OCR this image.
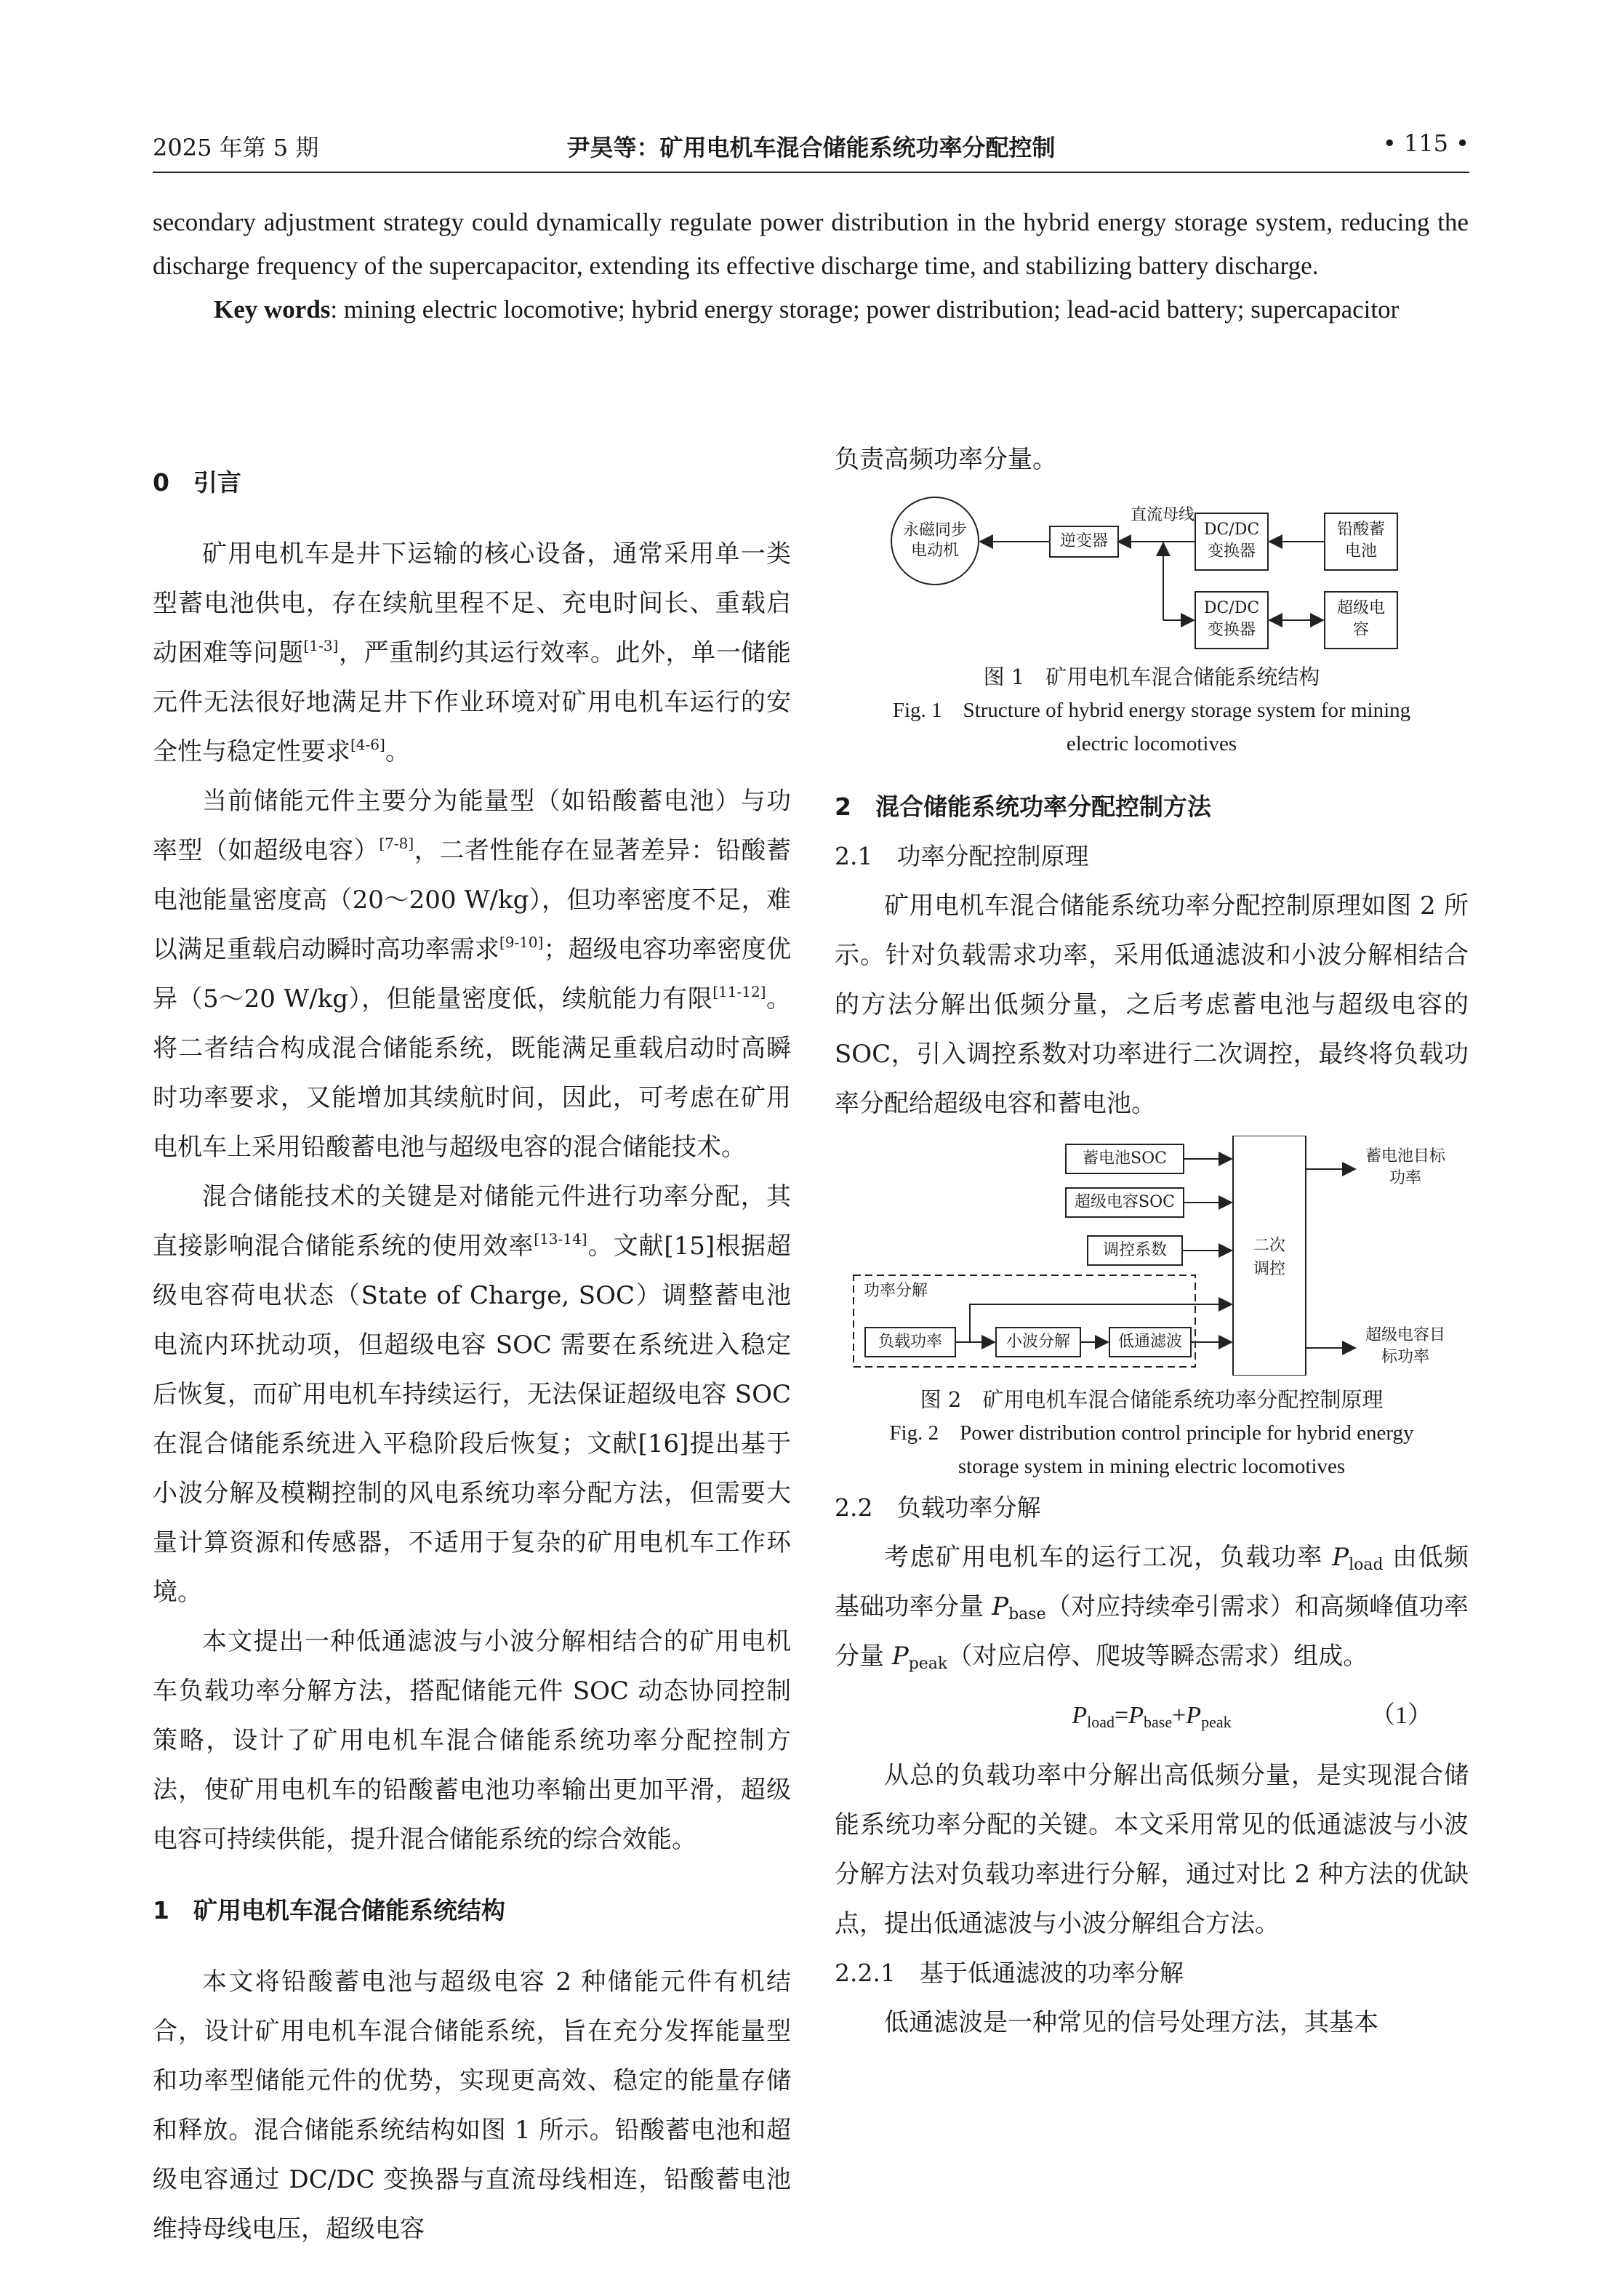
2025 年第 5 期	尹昊等：矿用电机车混合储能系统功率分配控制	• 115 •

secondary adjustment strategy could dynamically regulate power distribution in the hybrid energy storage system, reducing the discharge frequency of the supercapacitor, extending its effective discharge time, and stabilizing battery discharge.

Key words: mining electric locomotive; hybrid energy storage; power distribution; lead-acid battery; supercapacitor

0　引言

矿用电机车是井下运输的核心设备，通常采用单一类型蓄电池供电，存在续航里程不足、充电时间长、重载启动困难等问题[1-3]，严重制约其运行效率。此外，单一储能元件无法很好地满足井下作业环境对矿用电机车运行的安全性与稳定性要求[4-6]。

当前储能元件主要分为能量型（如铅酸蓄电池）与功率型（如超级电容）[7-8]，二者性能存在显著差异：铅酸蓄电池能量密度高（20～200 W/kg），但功率密度不足，难以满足重载启动瞬时高功率需求[9-10]；超级电容功率密度优异（5～20 W/kg），但能量密度低，续航能力有限[11-12]。将二者结合构成混合储能系统，既能满足重载启动时高瞬时功率要求，又能增加其续航时间，因此，可考虑在矿用电机车上采用铅酸蓄电池与超级电容的混合储能技术。

混合储能技术的关键是对储能元件进行功率分配，其直接影响混合储能系统的使用效率[13-14]。文献[15]根据超级电容荷电状态（State of Charge, SOC）调整蓄电池电流内环扰动项，但超级电容 SOC 需要在系统进入稳定后恢复，而矿用电机车持续运行，无法保证超级电容 SOC 在混合储能系统进入平稳阶段后恢复；文献[16]提出基于小波分解及模糊控制的风电系统功率分配方法，但需要大量计算资源和传感器，不适用于复杂的矿用电机车工作环境。

本文提出一种低通滤波与小波分解相结合的矿用电机车负载功率分解方法，搭配储能元件 SOC 动态协同控制策略，设计了矿用电机车混合储能系统功率分配控制方法，使矿用电机车的铅酸蓄电池功率输出更加平滑，超级电容可持续供能，提升混合储能系统的综合效能。

1　矿用电机车混合储能系统结构

本文将铅酸蓄电池与超级电容 2 种储能元件有机结合，设计矿用电机车混合储能系统，旨在充分发挥能量型和功率型储能元件的优势，实现更高效、稳定的能量存储和释放。混合储能系统结构如图 1 所示。铅酸蓄电池和超级电容通过 DC/DC 变换器与直流母线相连，铅酸蓄电池维持母线电压，超级电容

负责高频功率分量。

永磁同步电动机
逆变器
直流母线
DC/DC变换器
铅酸蓄电池
DC/DC变换器
超级电容
图 1　矿用电机车混合储能系统结构
Fig. 1　Structure of hybrid energy storage system for mining electric locomotives

2　混合储能系统功率分配控制方法

2.1　功率分配控制原理

矿用电机车混合储能系统功率分配控制原理如图 2 所示。针对负载需求功率，采用低通滤波和小波分解相结合的方法分解出低频分量，之后考虑蓄电池与超级电容的 SOC，引入调控系数对功率进行二次调控，最终将负载功率分配给超级电容和蓄电池。

蓄电池SOC
超级电容SOC
调控系数	二次调控
功率分解
负载功率	小波分解	低通滤波
蓄电池目标功率
超级电容目标功率
图 2　矿用电机车混合储能系统功率分配控制原理
Fig. 2　Power distribution control principle for hybrid energy storage system in mining electric locomotives

2.2　负载功率分解

考虑矿用电机车的运行工况，负载功率 Pload 由低频基础功率分量 Pbase（对应持续牵引需求）和高频峰值功率分量 Ppeak（对应启停、爬坡等瞬态需求）组成。

Pload=Pbase+Ppeak	（1）

从总的负载功率中分解出高低频分量，是实现混合储能系统功率分配的关键。本文采用常见的低通滤波与小波分解方法对负载功率进行分解，通过对比 2 种方法的优缺点，提出低通滤波与小波分解组合方法。

2.2.1　基于低通滤波的功率分解

低通滤波是一种常见的信号处理方法，其基本
